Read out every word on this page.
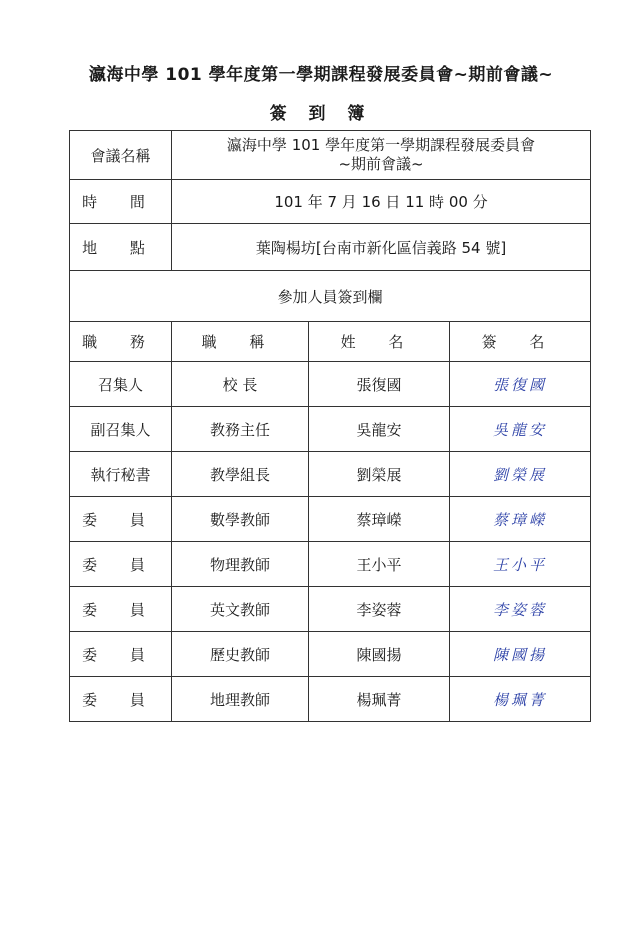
瀛海中學 101 學年度第一學期課程發展委員會~期前會議~
簽 到 簿
會議名稱	瀛海中學 101 學年度第一學期課程發展委員會
~期前會議~		

時 間	101 年 7 月 16 日 11 時 00 分		
地 點	葉陶楊坊[台南市新化區信義路 54 號]		
參加人員簽到欄			
職 務	職 稱	姓 名	簽 名
召集人	校 長	張復國	張復國
副召集人	教務主任	吳龍安	吳龍安
執行秘書	教學組長	劉榮展	劉榮展
委 員	數學教師	蔡璋嶸	蔡璋嶸
委 員	物理教師	王小平	王小平
委 員	英文教師	李姿蓉	李姿蓉
委 員	歷史教師	陳國揚	陳國揚
委 員	地理教師	楊珮菁	楊珮菁
